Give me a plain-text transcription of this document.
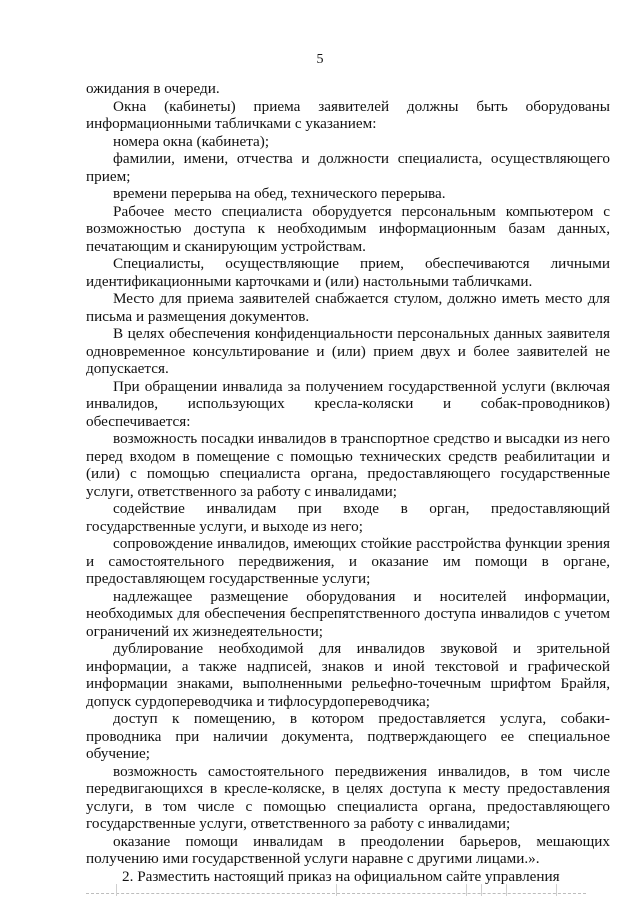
5

ожидания в очереди.

Окна (кабинеты) приема заявителей должны быть оборудованы информационными табличками с указанием:

номера окна (кабинета);

фамилии, имени, отчества и должности специалиста, осуществляющего прием;

времени перерыва на обед, технического перерыва.

Рабочее место специалиста оборудуется персональным компьютером с возможностью доступа к необходимым информационным базам данных, печатающим и сканирующим устройствам.

Специалисты, осуществляющие прием, обеспечиваются личными идентификационными карточками и (или) настольными табличками.

Место для приема заявителей снабжается стулом, должно иметь место для письма и размещения документов.

В целях обеспечения конфиденциальности персональных данных заявителя одновременное консультирование и (или) прием двух и более заявителей не допускается.

При обращении инвалида за получением государственной услуги (включая инвалидов, использующих кресла-коляски и собак-проводников) обеспечивается:

возможность посадки инвалидов в транспортное средство и высадки из него перед входом в помещение с помощью технических средств реабилитации и (или) с помощью специалиста органа, предоставляющего государственные услуги, ответственного за работу с инвалидами;

содействие инвалидам при входе в орган, предоставляющий государственные услуги, и выходе из него;

сопровождение инвалидов, имеющих стойкие расстройства функции зрения и самостоятельного передвижения, и оказание им помощи в органе, предоставляющем государственные услуги;

надлежащее размещение оборудования и носителей информации, необходимых для обеспечения беспрепятственного доступа инвалидов с учетом ограничений их жизнедеятельности;

дублирование необходимой для инвалидов звуковой и зрительной информации, а также надписей, знаков и иной текстовой и графической информации знаками, выполненными рельефно-точечным шрифтом Брайля, допуск сурдопереводчика и тифлосурдопереводчика;

доступ к помещению, в котором предоставляется услуга, собаки-проводника при наличии документа, подтверждающего ее специальное обучение;

возможность самостоятельного передвижения инвалидов, в том числе передвигающихся в кресле-коляске, в целях доступа к месту предоставления услуги, в том числе с помощью специалиста органа, предоставляющего государственные услуги, ответственного за работу с инвалидами;

оказание помощи инвалидам в преодолении барьеров, мешающих получению ими государственной услуги наравне с другими лицами.».

2. Разместить настоящий приказ на официальном сайте управления
